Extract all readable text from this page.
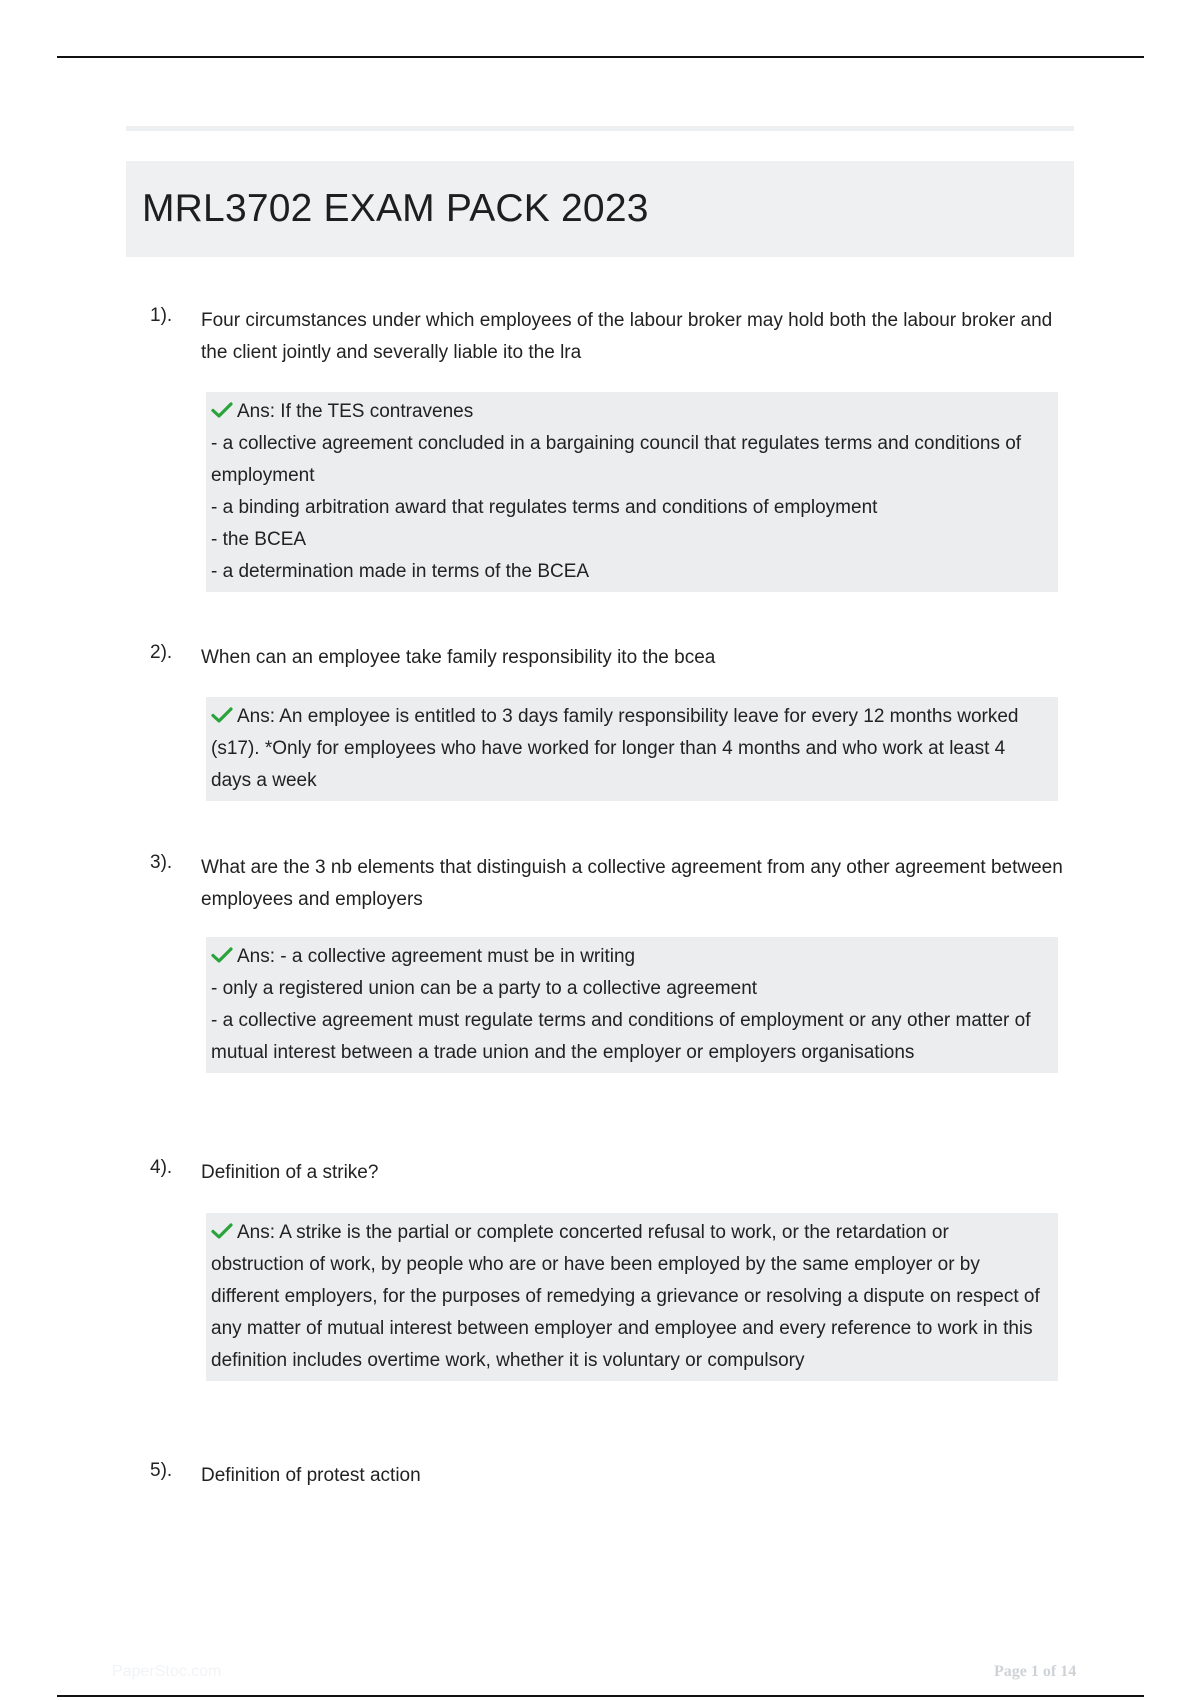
MRL3702 EXAM PACK 2023
1). Four circumstances under which employees of the labour broker may hold both the labour broker and the client jointly and severally liable ito the lra
Ans: If the TES contravenes
- a collective agreement concluded in a bargaining council that regulates terms and conditions of employment
- a binding arbitration award that regulates terms and conditions of employment
- the BCEA
- a determination made in terms of the BCEA
2). When can an employee take family responsibility ito the bcea
Ans: An employee is entitled to 3 days family responsibility leave for every 12 months worked (s17). *Only for employees who have worked for longer than 4 months and who work at least 4 days a week
3). What are the 3 nb elements that distinguish a collective agreement from any other agreement between employees and employers
Ans: - a collective agreement must be in writing
- only a registered union can be a party to a collective agreement
- a collective agreement must regulate terms and conditions of employment or any other matter of mutual interest between a trade union and the employer or employers organisations
4). Definition of a strike?
Ans: A strike is the partial or complete concerted refusal to work, or the retardation or obstruction of work, by people who are or have been employed by the same employer or by different employers, for the purposes of remedying a grievance or resolving a dispute on respect of any matter of mutual interest between employer and employee and every reference to work in this definition includes overtime work, whether it is voluntary or compulsory
5). Definition of protest action
PaperStoc.com	Page 1 of 14
